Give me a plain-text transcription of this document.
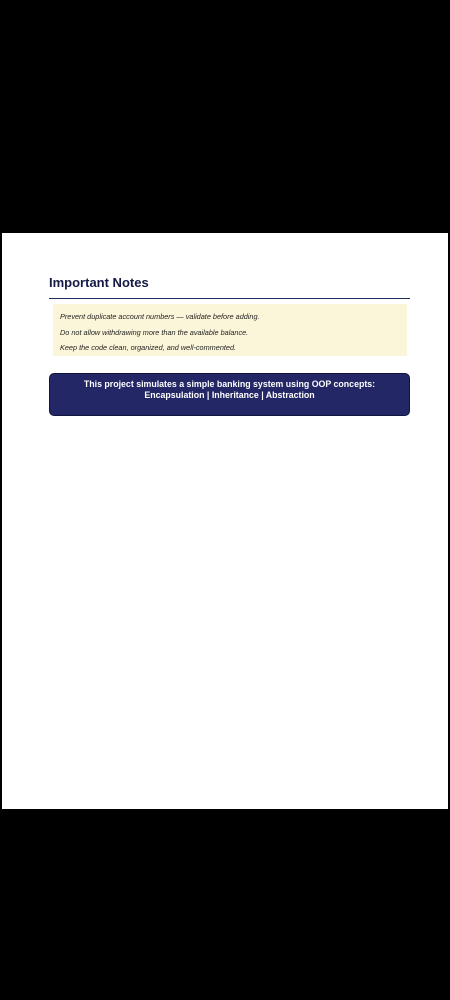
Important Notes
Prevent duplicate account numbers — validate before adding.
Do not allow withdrawing more than the available balance.
Keep the code clean, organized, and well-commented.
This project simulates a simple banking system using OOP concepts:
Encapsulation | Inheritance | Abstraction
